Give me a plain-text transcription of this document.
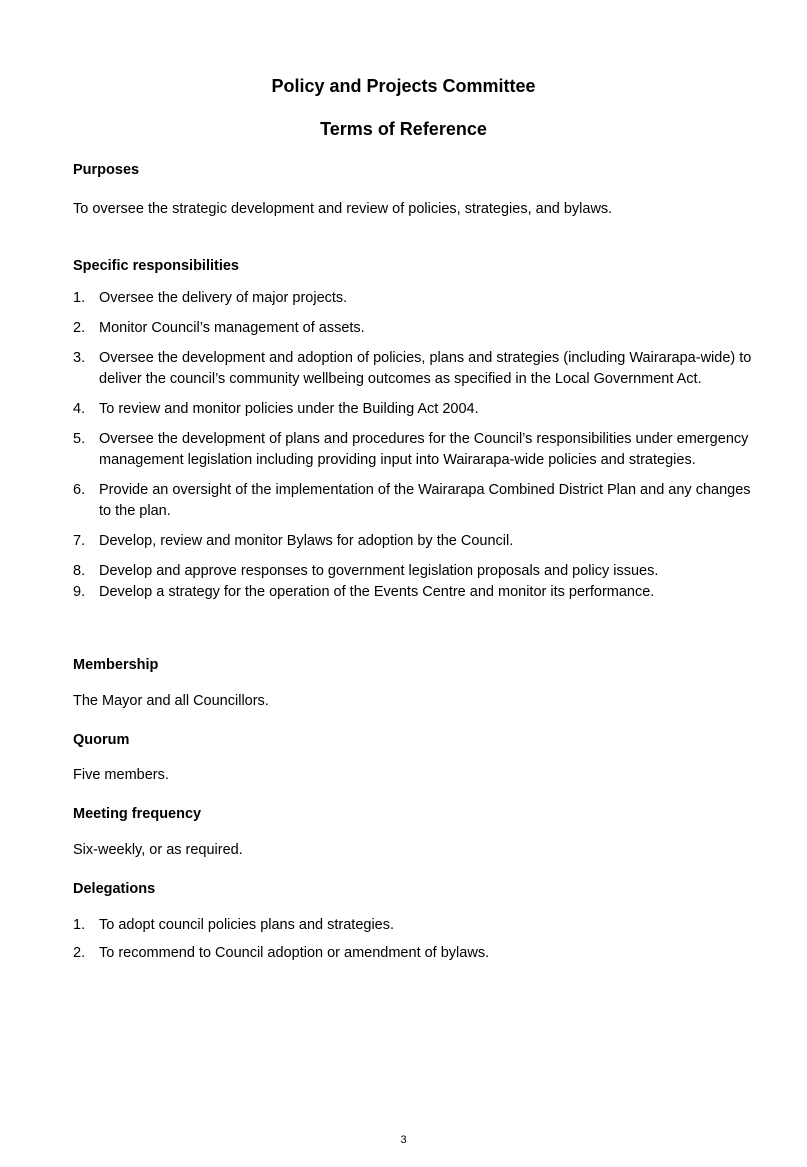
Policy and Projects Committee
Terms of Reference
Purposes

To oversee the strategic development and review of policies, strategies, and bylaws.

Specific responsibilities
1. Oversee the delivery of major projects.
2. Monitor Council’s management of assets.
3. Oversee the development and adoption of policies, plans and strategies (including Wairarapa-wide) to deliver the council’s community wellbeing outcomes as specified in the Local Government Act.
4. To review and monitor policies under the Building Act 2004.
5. Oversee the development of plans and procedures for the Council’s responsibilities under emergency management legislation including providing input into Wairarapa-wide policies and strategies.
6. Provide an oversight of the implementation of the Wairarapa Combined District Plan and any changes to the plan.
7. Develop, review and monitor Bylaws for adoption by the Council.
8. Develop and approve responses to government legislation proposals and policy issues.
9. Develop a strategy for the operation of the Events Centre and monitor its performance.
Membership

The Mayor and all Councillors.

Quorum

Five members.

Meeting frequency

Six-weekly, or as required.

Delegations
1. To adopt council policies plans and strategies.
2. To recommend to Council adoption or amendment of bylaws.
3
